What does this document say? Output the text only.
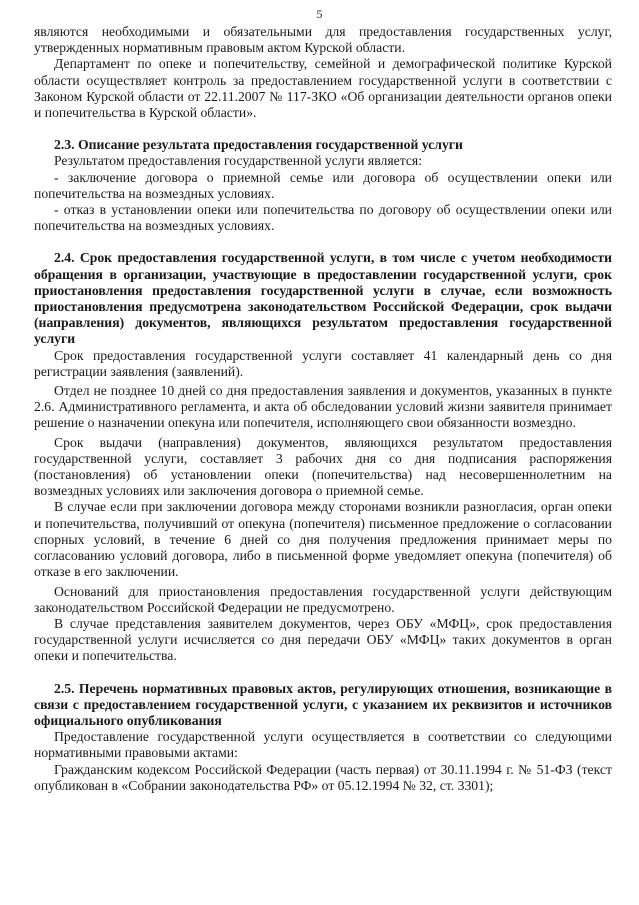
5

являются необходимыми и обязательными для предоставления государственных услуг, утвержденных нормативным правовым актом Курской области.

Департамент по опеке и попечительству, семейной и демографической политике Курской области осуществляет контроль за предоставлением государственной услуги в соответствии с Законом Курской области от 22.11.2007 № 117-ЗКО «Об организации деятельности органов опеки и попечительства в Курской области».

2.3. Описание результата предоставления государственной услуги

Результатом предоставления государственной услуги является:

- заключение договора о приемной семье или договора об осуществлении опеки или попечительства на возмездных условиях.

- отказ в установлении опеки или попечительства по договору об осуществлении опеки или попечительства на возмездных условиях.

2.4. Срок предоставления государственной услуги, в том числе с учетом необходимости обращения в организации, участвующие в предоставлении государственной услуги, срок приостановления предоставления государственной услуги в случае, если возможность приостановления предусмотрена законодательством Российской Федерации, срок выдачи (направления) документов, являющихся результатом предоставления государственной услуги

Срок предоставления государственной услуги составляет 41 календарный день со дня регистрации заявления (заявлений).

Отдел не позднее 10 дней со дня предоставления заявления и документов, указанных в пункте 2.6. Административного регламента, и акта об обследовании условий жизни заявителя принимает решение о назначении опекуна или попечителя, исполняющего свои обязанности возмездно.

Срок выдачи (направления) документов, являющихся результатом предоставления государственной услуги, составляет 3 рабочих дня со дня подписания распоряжения (постановления) об установлении опеки (попечительства) над несовершеннолетним на возмездных условиях или заключения договора о приемной семье.

В случае если при заключении договора между сторонами возникли разногласия, орган опеки и попечительства, получивший от опекуна (попечителя) письменное предложение о согласовании спорных условий, в течение 6 дней со дня получения предложения принимает меры по согласованию условий договора, либо в письменной форме уведомляет опекуна (попечителя) об отказе в его заключении.

Оснований для приостановления предоставления государственной услуги действующим законодательством Российской Федерации не предусмотрено.

В случае представления заявителем документов, через ОБУ «МФЦ», срок предоставления государственной услуги исчисляется со дня передачи ОБУ «МФЦ» таких документов в орган опеки и попечительства.

2.5. Перечень нормативных правовых актов, регулирующих отношения, возникающие в связи с предоставлением государственной услуги, с указанием их реквизитов и источников официального опубликования

Предоставление государственной услуги осуществляется в соответствии со следующими нормативными правовыми актами:

Гражданским кодексом Российской Федерации (часть первая) от 30.11.1994 г. № 51-ФЗ (текст опубликован в «Собрании законодательства РФ» от 05.12.1994 № 32, ст. 3301);
